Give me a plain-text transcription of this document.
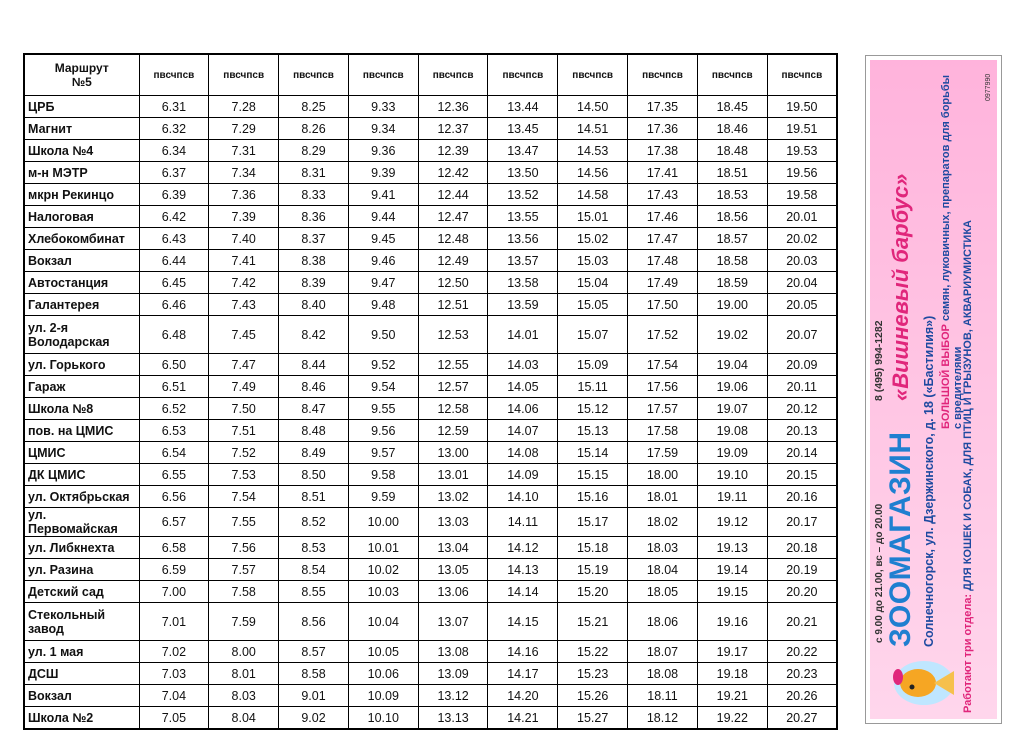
Маршрут
№5	пвсчпсв	пвсчпсв	пвсчпсв	пвсчпсв	пвсчпсв	пвсчпсв	пвсчпсв	пвсчпсв	пвсчпсв	пвсчпсв
ЦРБ	6.31	7.28	8.25	9.33	12.36	13.44	14.50	17.35	18.45	19.50
Магнит	6.32	7.29	8.26	9.34	12.37	13.45	14.51	17.36	18.46	19.51
Школа №4	6.34	7.31	8.29	9.36	12.39	13.47	14.53	17.38	18.48	19.53
м-н МЭТР	6.37	7.34	8.31	9.39	12.42	13.50	14.56	17.41	18.51	19.56
мкрн Рекинцо	6.39	7.36	8.33	9.41	12.44	13.52	14.58	17.43	18.53	19.58
Налоговая	6.42	7.39	8.36	9.44	12.47	13.55	15.01	17.46	18.56	20.01
Хлебокомбинат	6.43	7.40	8.37	9.45	12.48	13.56	15.02	17.47	18.57	20.02
Вокзал	6.44	7.41	8.38	9.46	12.49	13.57	15.03	17.48	18.58	20.03
Автостанция	6.45	7.42	8.39	9.47	12.50	13.58	15.04	17.49	18.59	20.04
Галантерея	6.46	7.43	8.40	9.48	12.51	13.59	15.05	17.50	19.00	20.05
ул. 2-я Володарская	6.48	7.45	8.42	9.50	12.53	14.01	15.07	17.52	19.02	20.07
ул. Горького	6.50	7.47	8.44	9.52	12.55	14.03	15.09	17.54	19.04	20.09
Гараж	6.51	7.49	8.46	9.54	12.57	14.05	15.11	17.56	19.06	20.11
Школа №8	6.52	7.50	8.47	9.55	12.58	14.06	15.12	17.57	19.07	20.12
пов. на ЦМИС	6.53	7.51	8.48	9.56	12.59	14.07	15.13	17.58	19.08	20.13
ЦМИС	6.54	7.52	8.49	9.57	13.00	14.08	15.14	17.59	19.09	20.14
ДК ЦМИС	6.55	7.53	8.50	9.58	13.01	14.09	15.15	18.00	19.10	20.15
ул. Октябрьская	6.56	7.54	8.51	9.59	13.02	14.10	15.16	18.01	19.11	20.16
ул. Первомайская	6.57	7.55	8.52	10.00	13.03	14.11	15.17	18.02	19.12	20.17
ул. Либкнехта	6.58	7.56	8.53	10.01	13.04	14.12	15.18	18.03	19.13	20.18
ул. Разина	6.59	7.57	8.54	10.02	13.05	14.13	15.19	18.04	19.14	20.19
Детский сад	7.00	7.58	8.55	10.03	13.06	14.14	15.20	18.05	19.15	20.20
Стекольный завод	7.01	7.59	8.56	10.04	13.07	14.15	15.21	18.06	19.16	20.21
ул. 1 мая	7.02	8.00	8.57	10.05	13.08	14.16	15.22	18.07	19.17	20.22
ДСШ	7.03	8.01	8.58	10.06	13.09	14.17	15.23	18.08	19.18	20.23
Вокзал	7.04	8.03	9.01	10.09	13.12	14.20	15.26	18.11	19.21	20.26
Школа №2	7.05	8.04	9.02	10.10	13.13	14.21	15.27	18.12	19.22	20.27
с 9.00 до 21.00, вс – до 20.00
8 (495) 994-1282
ЗООМАГАЗИН
«Вишневый барбус»
Солнечногорск, ул. Дзержинского, д. 18 («Бастилия») БОЛЬШОЙ ВЫБОР семян, луковичных, препаратов для борьбы с вредителями
Работают три отдела: ДЛЯ КОШЕК И СОБАК, ДЛЯ ПТИЦ И ГРЫЗУНОВ, АКВАРИУМИСТИКА
0977990
